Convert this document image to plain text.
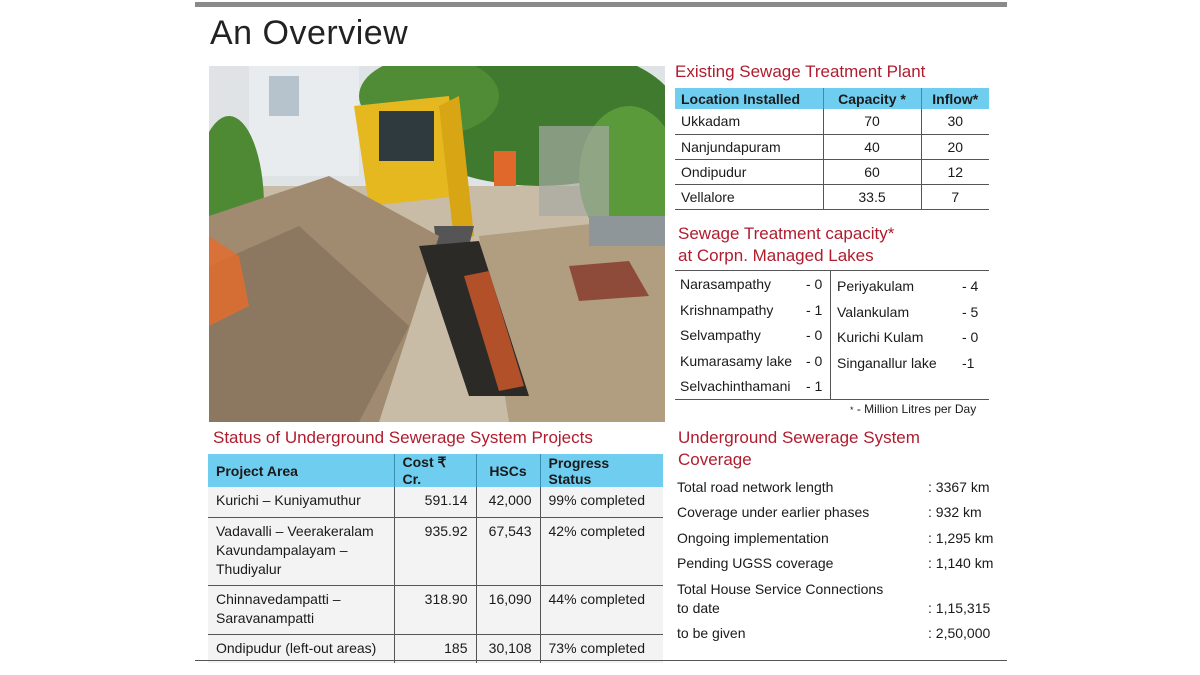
An Overview
Existing Sewage Treatment Plant
Location Installed	Capacity *	Inflow*
Ukkadam	70	30
Nanjundapuram	40	20
Ondipudur	60	12
Vellalore	33.5	7
Sewage Treatment capacity*
at Corpn. Managed Lakes
Narasampathy - 0
Krishnampathy - 1
Selvampathy	- 0
Kumarasamy lake - 0
Selvachinthamani - 1
Periyakulam	- 4
Valankulam	- 5
Kurichi Kulam	- 0
Singanallur lake -1
* - Million Litres per Day
Status of Underground Sewerage System Projects
Project Area	Cost ₹ Cr.	HSCs	Progress Status
Kurichi – Kuniyamuthur	591.14	42,000	99% completed

Vadavalli – Veerakeralam
Kavundampalayam –
Thudiyalur	935.92	67,543	42% completed

Chinnavedampatti –
Saravanampatti	318.90	16,090	44% completed
Ondipudur (left-out areas)	185	30,108	73% completed
Underground Sewerage System
Coverage
Total road network length	: 3367 km
Coverage under earlier phases	: 932 km
Ongoing implementation	: 1,295 km
Pending UGSS coverage	: 1,140 km
Total House Service Connections
to date	: 1,15,315
to be given	: 2,50,000
